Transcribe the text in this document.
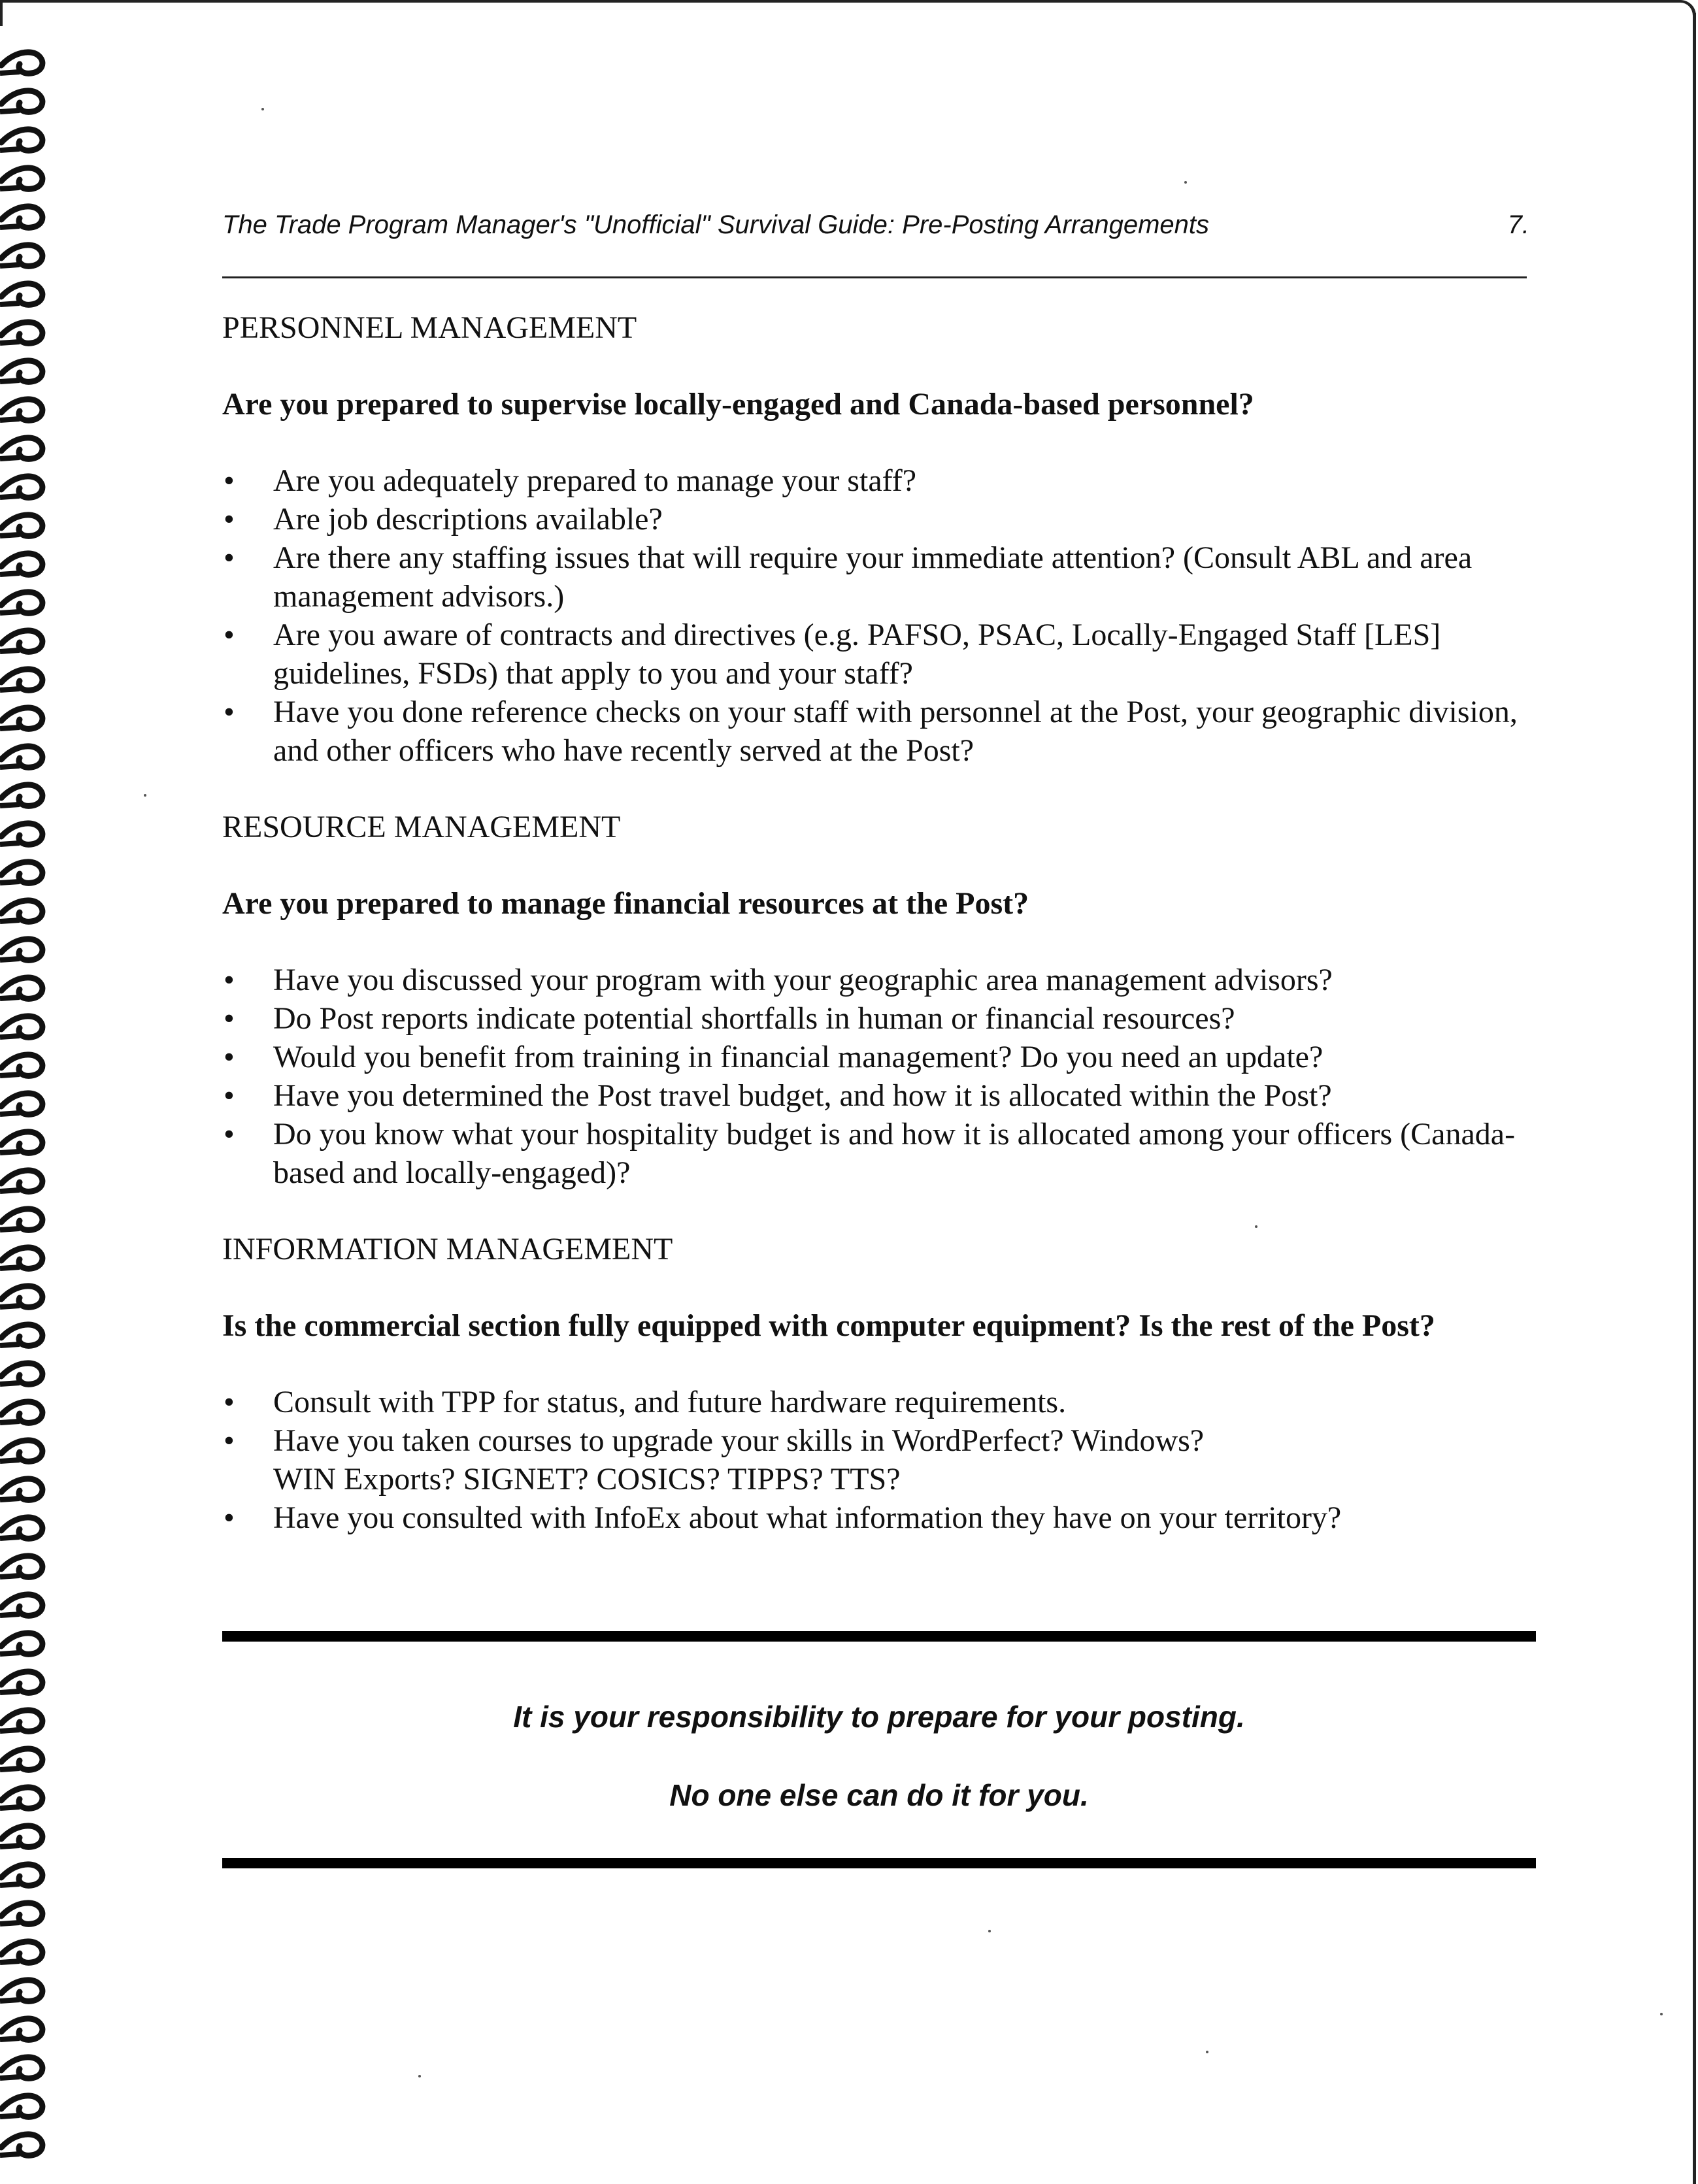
The Trade Program Manager's "Unofficial" Survival Guide: Pre-Posting Arrangements	7.
PERSONNEL MANAGEMENT
Are you prepared to supervise locally-engaged and Canada-based personnel?
•	Are you adequately prepared to manage your staff?
•	Are job descriptions available?
•	Are there any staffing issues that will require your immediate attention? (Consult ABL and area management advisors.)
•	Are you aware of contracts and directives (e.g. PAFSO, PSAC, Locally-Engaged Staff [LES] guidelines, FSDs) that apply to you and your staff?
•	Have you done reference checks on your staff with personnel at the Post, your geographic division, and other officers who have recently served at the Post?
RESOURCE MANAGEMENT
Are you prepared to manage financial resources at the Post?
•	Have you discussed your program with your geographic area management advisors?
•	Do Post reports indicate potential shortfalls in human or financial resources?
•	Would you benefit from training in financial management? Do you need an update?
•	Have you determined the Post travel budget, and how it is allocated within the Post?
•	Do you know what your hospitality budget is and how it is allocated among your officers (Canada-based and locally-engaged)?
INFORMATION MANAGEMENT
Is the commercial section fully equipped with computer equipment? Is the rest of the Post?
•	Consult with TPP for status, and future hardware requirements.
•	Have you taken courses to upgrade your skills in WordPerfect? Windows?
WIN Exports? SIGNET? COSICS? TIPPS? TTS?
•	Have you consulted with InfoEx about what information they have on your territory?
It is your responsibility to prepare for your posting.
No one else can do it for you.
